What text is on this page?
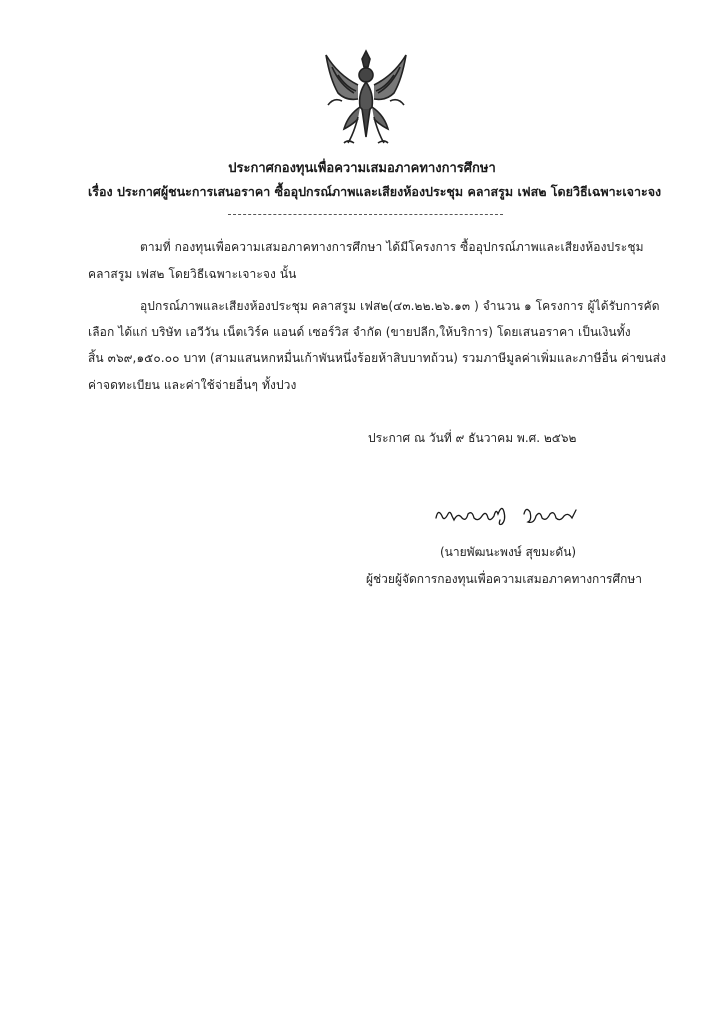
ประกาศกองทุนเพื่อความเสมอภาคทางการศึกษา
เรื่อง ประกาศผู้ชนะการเสนอราคา ซื้ออุปกรณ์ภาพและเสียงห้องประชุม คลาสรูม เฟส๒ โดยวิธีเฉพาะเจาะจง
ตามที่ กองทุนเพื่อความเสมอภาคทางการศึกษา ได้มีโครงการ ซื้ออุปกรณ์ภาพและเสียงห้องประชุม
คลาสรูม เฟส๒ โดยวิธีเฉพาะเจาะจง นั้น
อุปกรณ์ภาพและเสียงห้องประชุม คลาสรูม เฟส๒(๔๓.๒๒.๒๖.๑๓ ) จำนวน ๑ โครงการ ผู้ได้รับการคัด
เลือก ได้แก่ บริษัท เอวีวัน เน็ตเวิร์ค แอนด์ เซอร์วิส จำกัด (ขายปลีก,ให้บริการ) โดยเสนอราคา เป็นเงินทั้ง
สิ้น ๓๖๙,๑๕๐.๐๐ บาท (สามแสนหกหมื่นเก้าพันหนึ่งร้อยห้าสิบบาทถ้วน) รวมภาษีมูลค่าเพิ่มและภาษีอื่น ค่าขนส่ง
ค่าจดทะเบียน และค่าใช้จ่ายอื่นๆ ทั้งปวง
ประกาศ ณ วันที่ ๙ ธันวาคม พ.ศ. ๒๕๖๒
(นายพัฒนะพงษ์ สุขมะดัน)
ผู้ช่วยผู้จัดการกองทุนเพื่อความเสมอภาคทางการศึกษา
